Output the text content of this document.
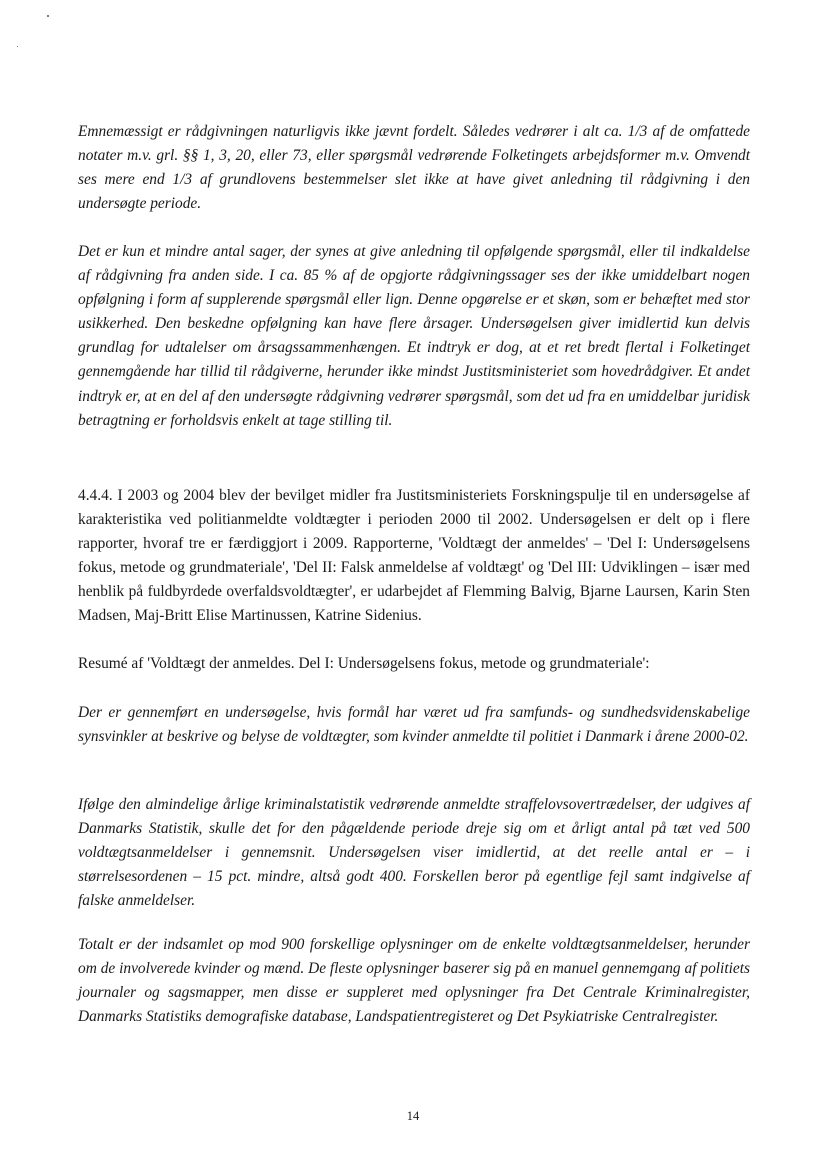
Emnemæssigt er rådgivningen naturligvis ikke jævnt fordelt. Således vedrører i alt ca. 1/3 af de omfattede notater m.v. grl. §§ 1, 3, 20, eller 73, eller spørgsmål vedrørende Folketingets arbejdsformer m.v. Omvendt ses mere end 1/3 af grundlovens bestemmelser slet ikke at have givet anledning til rådgivning i den undersøgte periode.

Det er kun et mindre antal sager, der synes at give anledning til opfølgende spørgsmål, eller til indkaldelse af rådgivning fra anden side. I ca. 85 % af de opgjorte rådgivningssager ses der ikke umiddelbart nogen opfølgning i form af supplerende spørgsmål eller lign. Denne opgørelse er et skøn, som er behæftet med stor usikkerhed. Den beskedne opfølgning kan have flere årsager. Undersøgelsen giver imidlertid kun delvis grundlag for udtalelser om årsagssammenhængen. Et indtryk er dog, at et ret bredt flertal i Folketinget gennemgående har tillid til rådgiverne, herunder ikke mindst Justitsministeriet som hovedrådgiver. Et andet indtryk er, at en del af den undersøgte rådgivning vedrører spørgsmål, som det ud fra en umiddelbar juridisk betragtning er forholdsvis enkelt at tage stilling til.

4.4.4. I 2003 og 2004 blev der bevilget midler fra Justitsministeriets Forskningspulje til en undersøgelse af karakteristika ved politianmeldte voldtægter i perioden 2000 til 2002. Undersøgelsen er delt op i flere rapporter, hvoraf tre er færdiggjort i 2009. Rapporterne, 'Voldtægt der anmeldes' – 'Del I: Undersøgelsens fokus, metode og grundmateriale', 'Del II: Falsk anmeldelse af voldtægt' og 'Del III: Udviklingen – især med henblik på fuldbyrdede overfaldsvoldtægter', er udarbejdet af Flemming Balvig, Bjarne Laursen, Karin Sten Madsen, Maj-Britt Elise Martinussen, Katrine Sidenius.

Resumé af 'Voldtægt der anmeldes. Del I: Undersøgelsens fokus, metode og grundmateriale':

Der er gennemført en undersøgelse, hvis formål har været ud fra samfunds- og sundhedsvidenskabelige synsvinkler at beskrive og belyse de voldtægter, som kvinder anmeldte til politiet i Danmark i årene 2000-02.

Ifølge den almindelige årlige kriminalstatistik vedrørende anmeldte straffelovsovertrædelser, der udgives af Danmarks Statistik, skulle det for den pågældende periode dreje sig om et årligt antal på tæt ved 500 voldtægtsanmeldelser i gennemsnit. Undersøgelsen viser imidlertid, at det reelle antal er – i størrelsesordenen – 15 pct. mindre, altså godt 400. Forskellen beror på egentlige fejl samt indgivelse af falske anmeldelser.

Totalt er der indsamlet op mod 900 forskellige oplysninger om de enkelte voldtægtsanmeldelser, herunder om de involverede kvinder og mænd. De fleste oplysninger baserer sig på en manuel gennemgang af politiets journaler og sagsmapper, men disse er suppleret med oplysninger fra Det Centrale Kriminalregister, Danmarks Statistiks demografiske database, Landspatientregisteret og Det Psykiatriske Centralregister.

14
